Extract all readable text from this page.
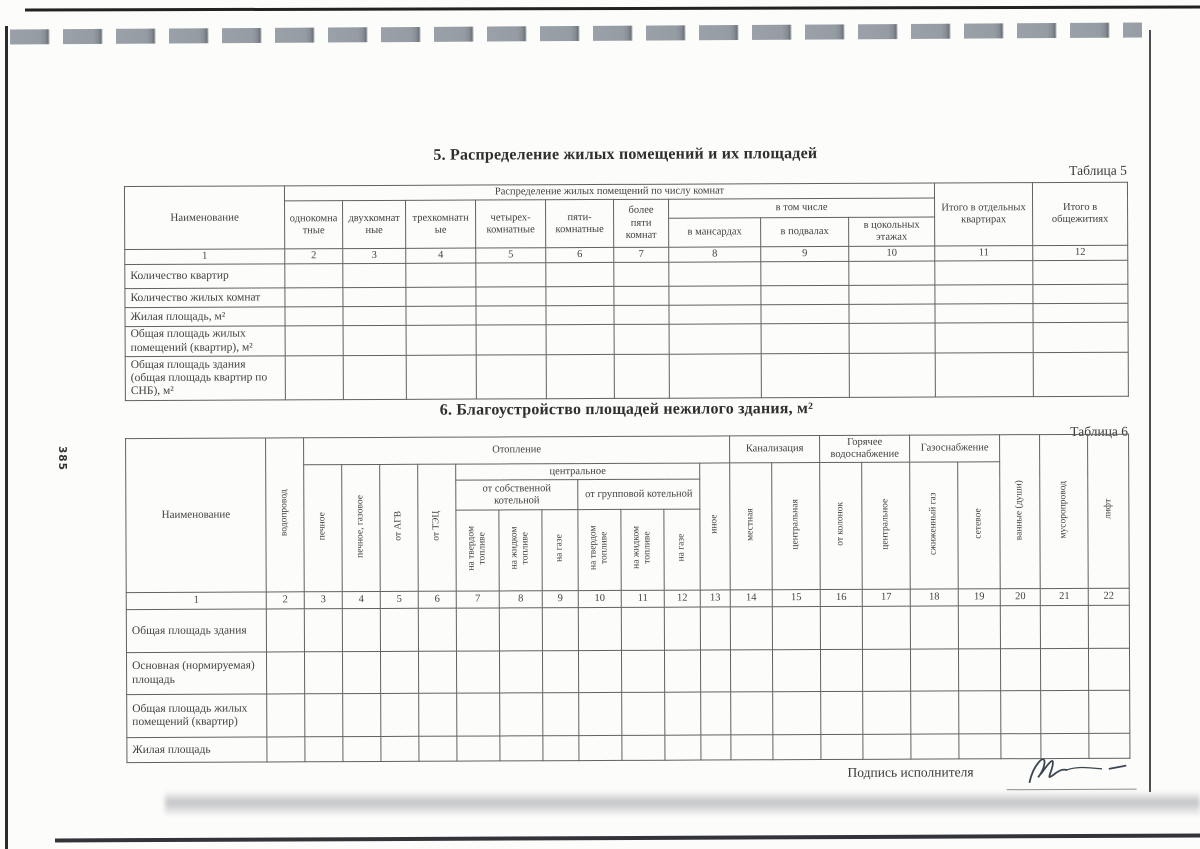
385
5. Распределение жилых помещений и их площадей
Таблица 5
Наименование	Распределение жилых помещений по числу комнат									Итого в отдельных квартирах	Итого в общежитиях
	однокомнатные	двухкомнатные	трехкомнатные	четырех-комнатные	пяти-комнатные	более пяти комнат	в том числе				
							в мансардах	в подвалах	в цокольных этажах		
1	2	3	4	5	6	7	8	9	10	11	12
Количество квартир											
Количество жилых комнат											
Жилая площадь, м²											
Общая площадь жилых помещений (квартир), м²											
Общая площадь здания (общая площадь квартир по СНБ), м²											
6. Благоустройство площадей нежилого здания, м²
Таблица 6
Наименование	водопровод	Отопление											Канализация		Горячее водоснабжение		Газоснабжение		ванные (души)	мусоропровод	лифт
		печное	печное, газовое	от АГВ	от ТЭЦ	центральное						иное	местная	центральная	от колонок	центральное	сжиженный газ	сетевое			
						от собственной котельной			от групповой котельной												
						на твердом топливе	на жидком топливе	на газе	на твердом топливе	на жидком топливе	на газе										
1	2	3	4	5	6	7	8	9	10	11	12	13	14	15	16	17	18	19	20	21	22
Общая площадь здания																					
Основная (нормируемая) площадь																					
Общая площадь жилых помещений (квартир)																					
Жилая площадь																					
Подпись исполнителя
